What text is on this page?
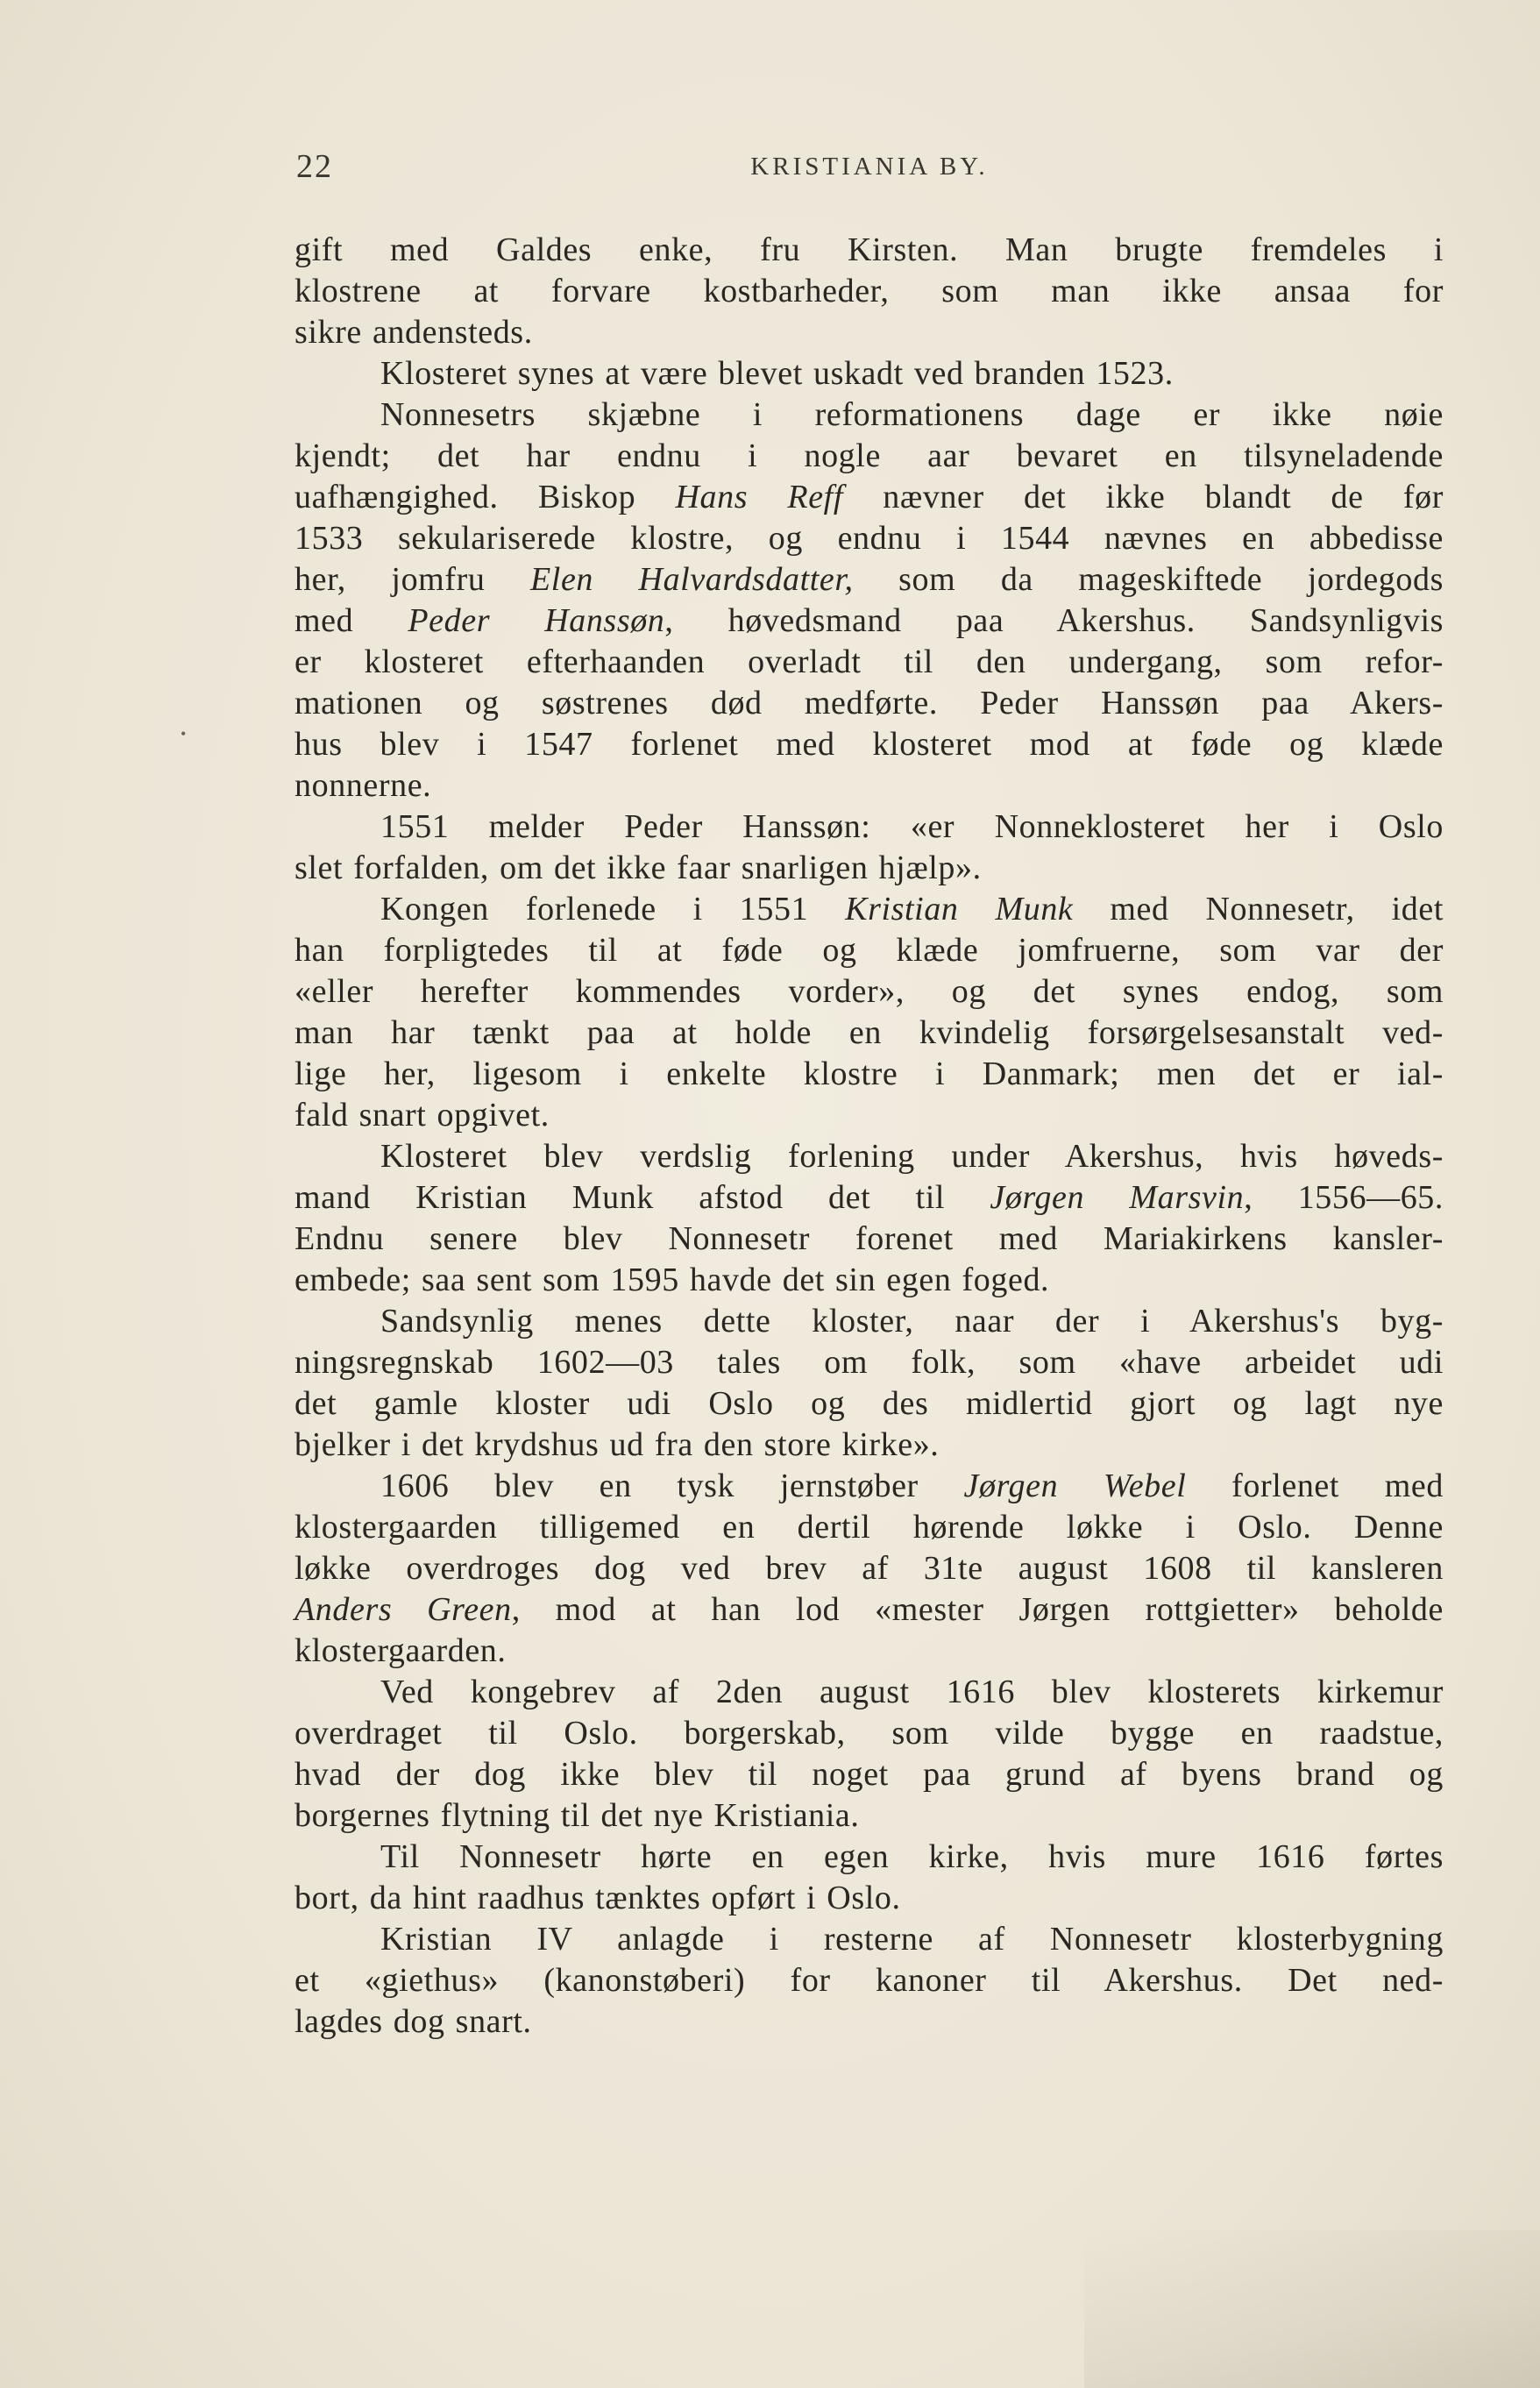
22	KRISTIANIA BY.
•
gift med Galdes enke, fru Kirsten. Man brugte fremdeles i
klostrene at forvare kostbarheder, som man ikke ansaa for
sikre andensteds.
Klosteret synes at være blevet uskadt ved branden 1523.
Nonnesetrs skjæbne i reformationens dage er ikke nøie
kjendt; det har endnu i nogle aar bevaret en tilsyneladende
uafhængighed. Biskop Hans Reff nævner det ikke blandt de før
1533 sekulariserede klostre, og endnu i 1544 nævnes en abbedisse
her, jomfru Elen Halvardsdatter, som da mageskiftede jordegods
med Peder Hanssøn, høvedsmand paa Akershus. Sandsynligvis
er klosteret efterhaanden overladt til den undergang, som refor-
mationen og søstrenes død medførte. Peder Hanssøn paa Akers-
hus blev i 1547 forlenet med klosteret mod at føde og klæde
nonnerne.
1551 melder Peder Hanssøn: «er Nonneklosteret her i Oslo
slet forfalden, om det ikke faar snarligen hjælp».
Kongen forlenede i 1551 Kristian Munk med Nonnesetr, idet
han forpligtedes til at føde og klæde jomfruerne, som var der
«eller herefter kommendes vorder», og det synes endog, som
man har tænkt paa at holde en kvindelig forsørgelsesanstalt ved-
lige her, ligesom i enkelte klostre i Danmark; men det er ial-
fald snart opgivet.
Klosteret blev verdslig forlening under Akershus, hvis høveds-
mand Kristian Munk afstod det til Jørgen Marsvin, 1556—65.
Endnu senere blev Nonnesetr forenet med Mariakirkens kansler-
embede; saa sent som 1595 havde det sin egen foged.
Sandsynlig menes dette kloster, naar der i Akershus's byg-
ningsregnskab 1602—03 tales om folk, som «have arbeidet udi
det gamle kloster udi Oslo og des midlertid gjort og lagt nye
bjelker i det krydshus ud fra den store kirke».
1606 blev en tysk jernstøber Jørgen Webel forlenet med
klostergaarden tilligemed en dertil hørende løkke i Oslo. Denne
løkke overdroges dog ved brev af 31te august 1608 til kansleren
Anders Green, mod at han lod «mester Jørgen rottgietter» beholde
klostergaarden.
Ved kongebrev af 2den august 1616 blev klosterets kirkemur
overdraget til Oslo. borgerskab, som vilde bygge en raadstue,
hvad der dog ikke blev til noget paa grund af byens brand og
borgernes flytning til det nye Kristiania.
Til Nonnesetr hørte en egen kirke, hvis mure 1616 førtes
bort, da hint raadhus tænktes opført i Oslo.
Kristian IV anlagde i resterne af Nonnesetr klosterbygning
et «giethus» (kanonstøberi) for kanoner til Akershus. Det ned-
lagdes dog snart.
